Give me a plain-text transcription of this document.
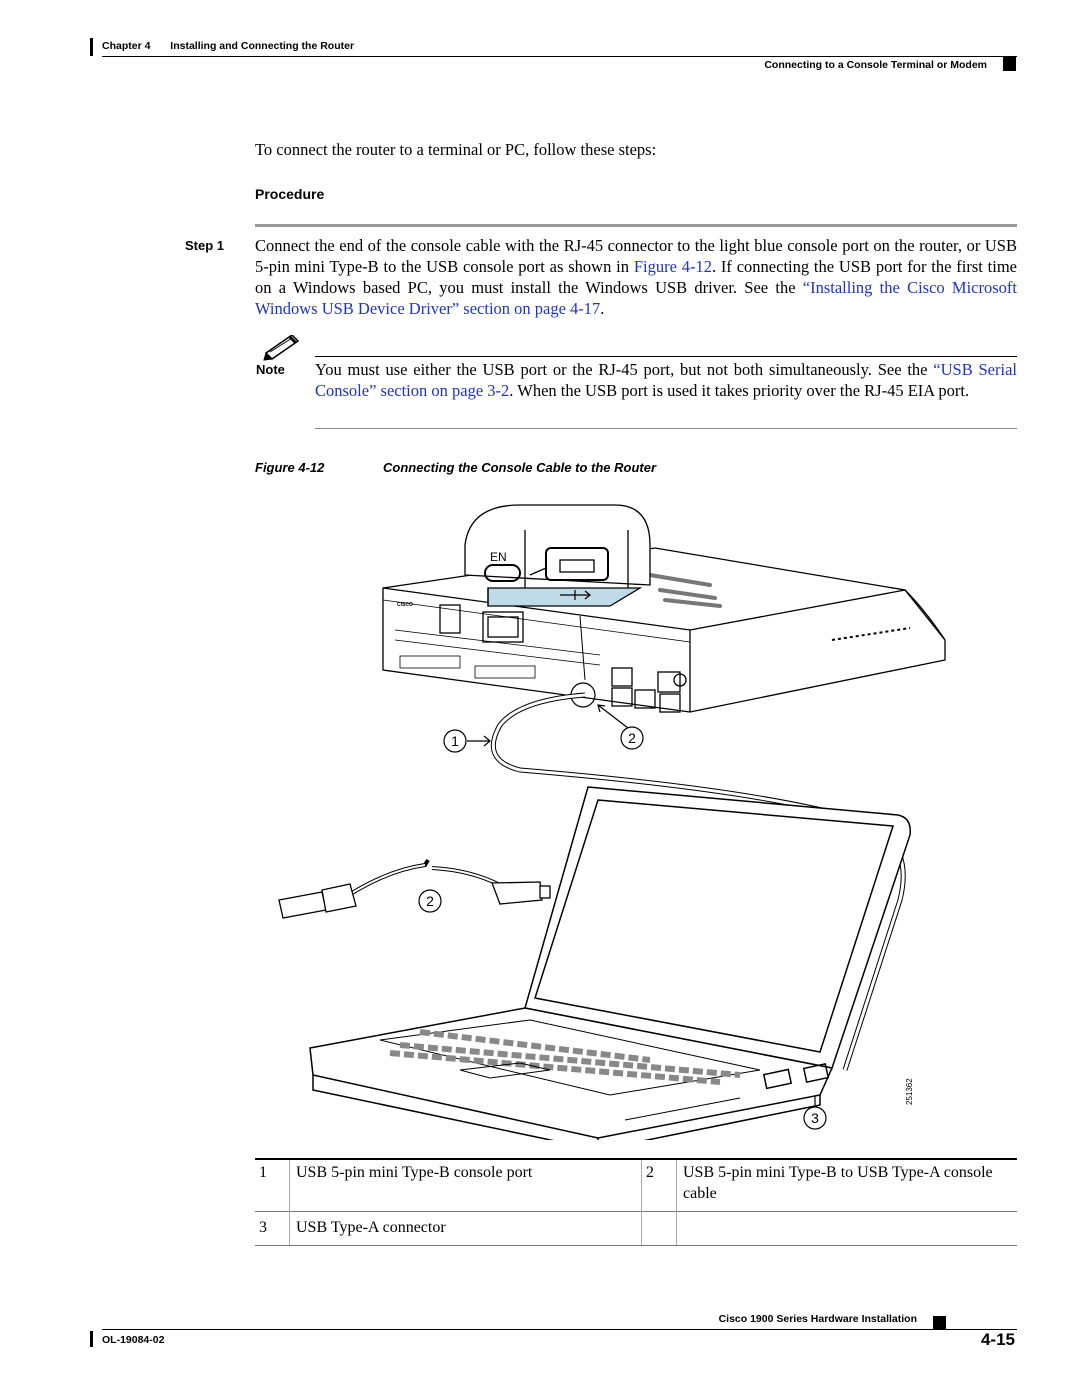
Chapter 4 Installing and Connecting the Router
Connecting to a Console Terminal or Modem
To connect the router to a terminal or PC, follow these steps:
Procedure
Step 1 Connect the end of the console cable with the RJ-45 connector to the light blue console port on the router, or USB 5-pin mini Type-B to the USB console port as shown in Figure 4-12. If connecting the USB port for the first time on a Windows based PC, you must install the Windows USB driver. See the “Installing the Cisco Microsoft Windows USB Device Driver” section on page 4-17.
Note You must use either the USB port or the RJ-45 port, but not both simultaneously. See the “USB Serial Console” section on page 3-2. When the USB port is used it takes priority over the RJ-45 EIA port.
Figure 4-12	Connecting the Console Cable to the Router
EN
CISCO
1	2
2
3
251362
1	USB 5-pin mini Type-B console port	2	USB 5-pin mini Type-B to USB Type-A console cable
3	USB Type-A connector		
Cisco 1900 Series Hardware Installation
OL-19084-02	4-15
